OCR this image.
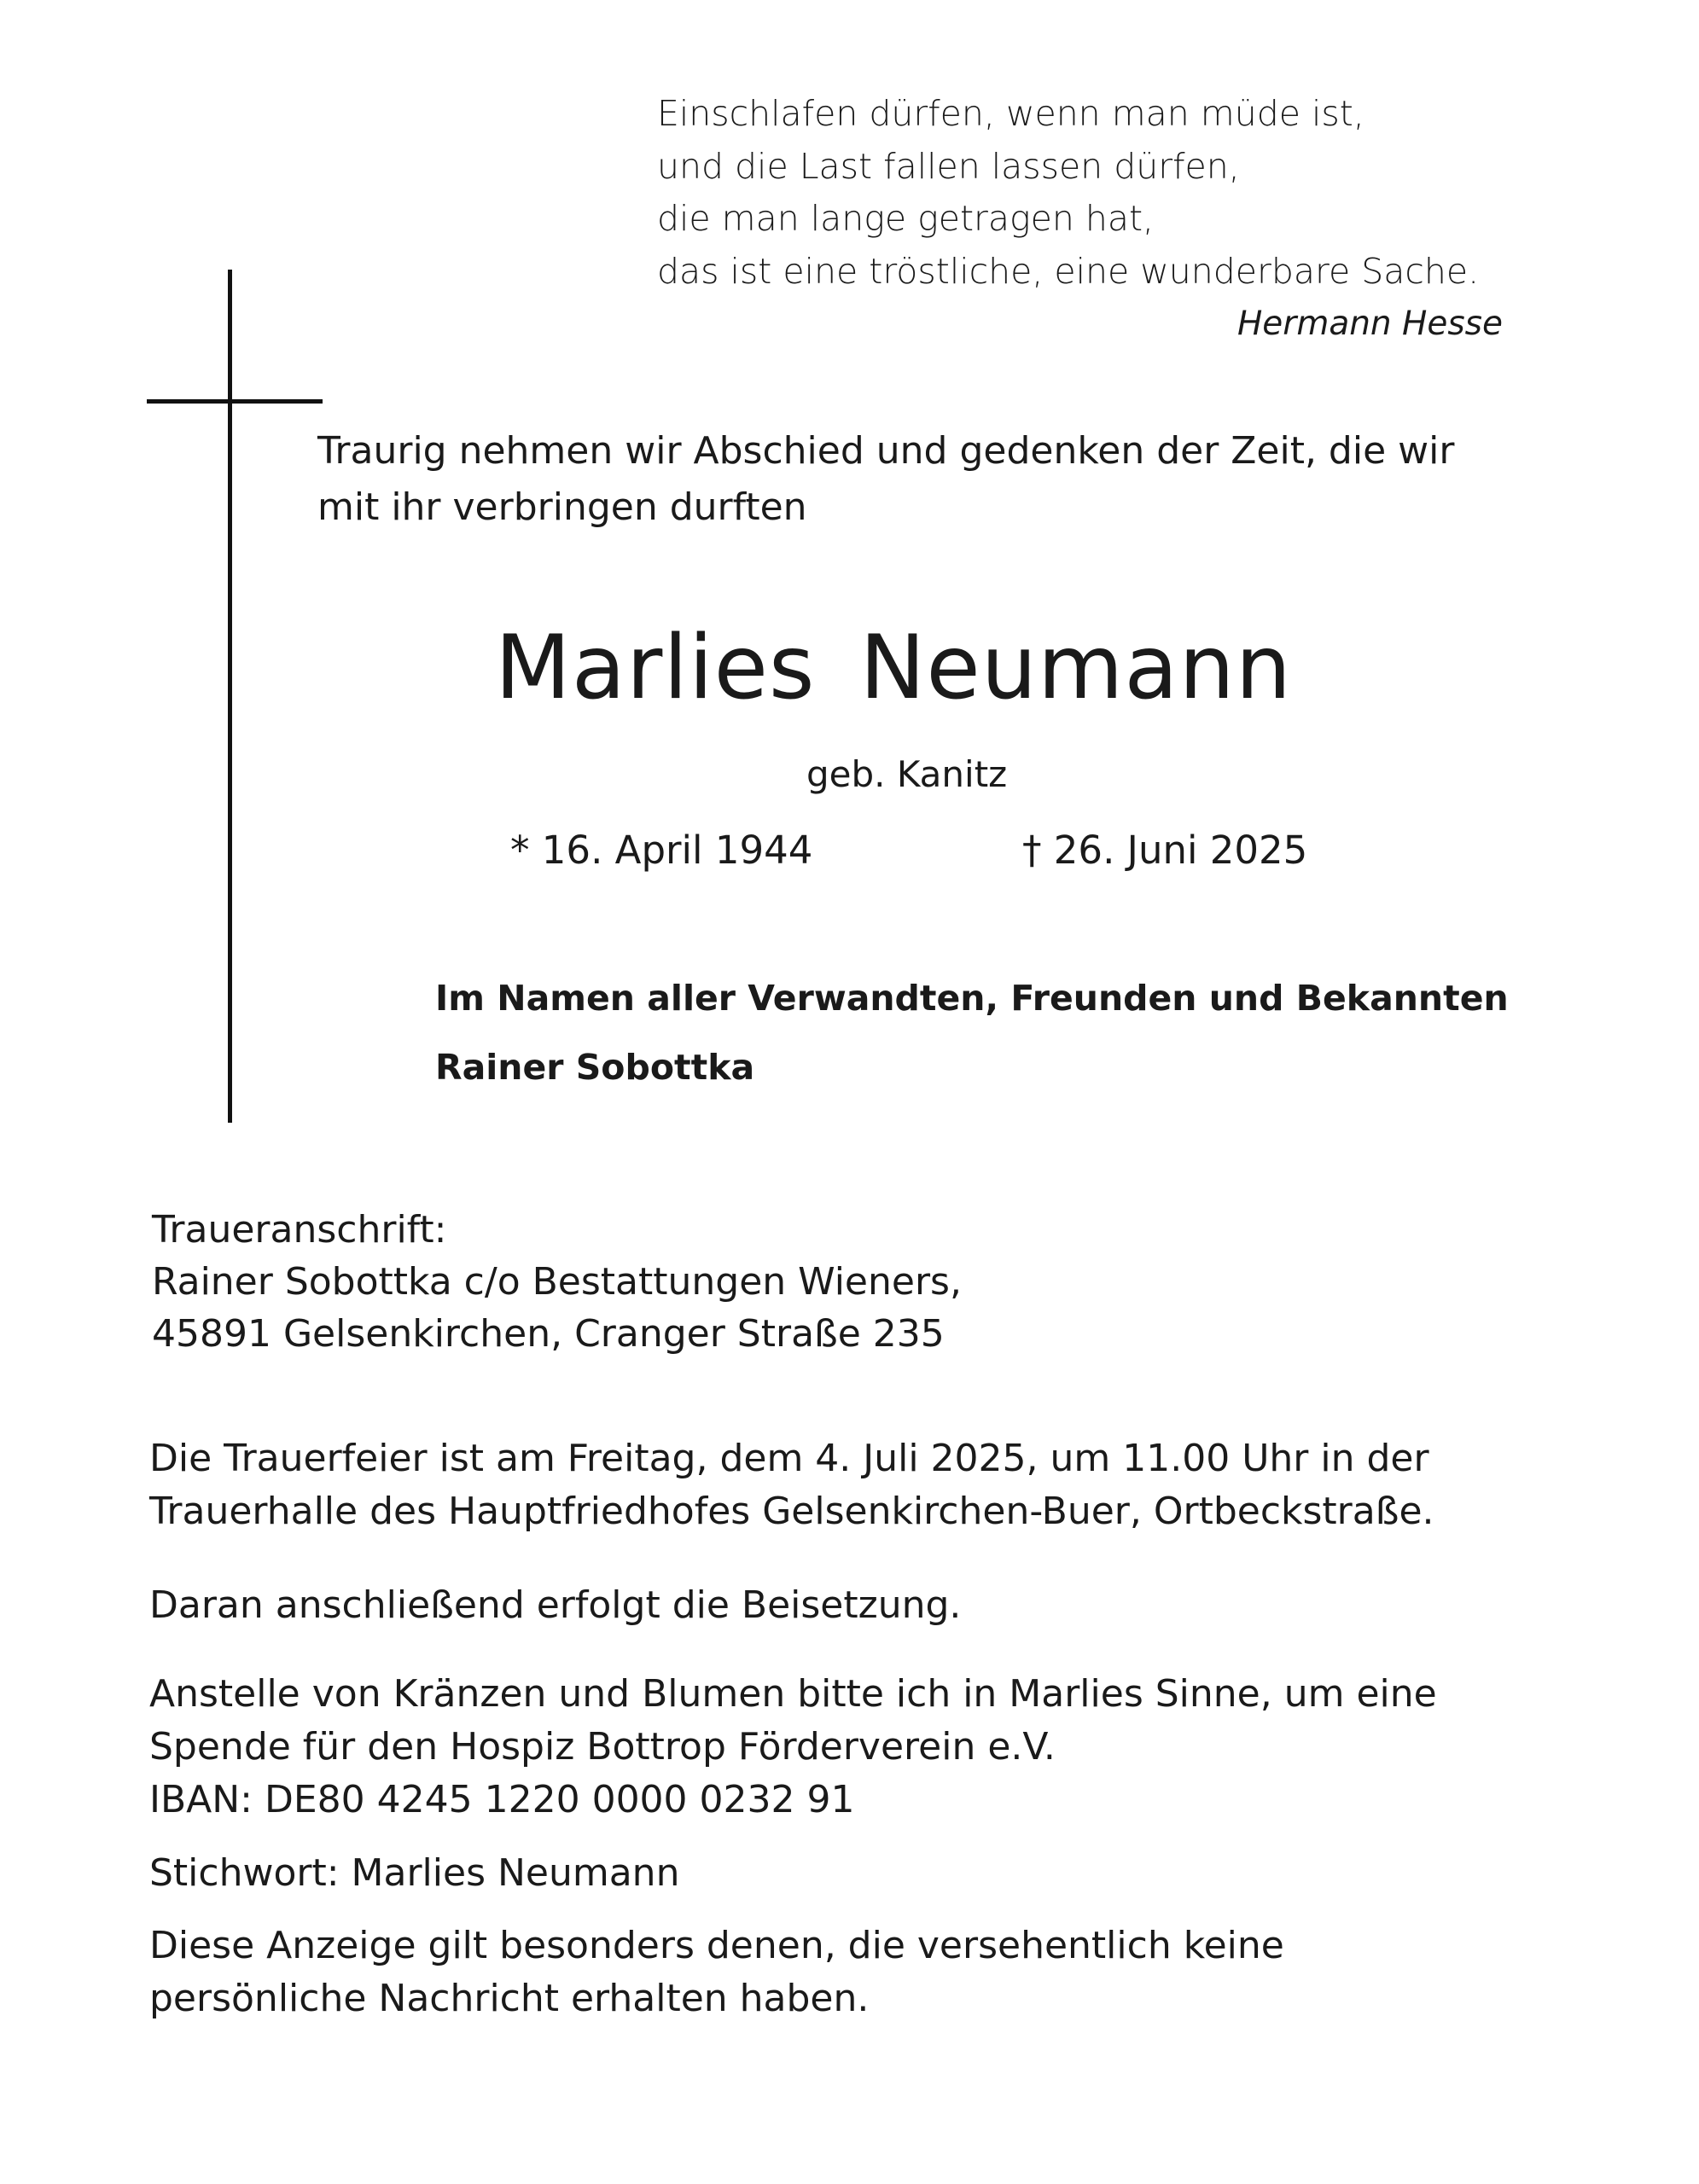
Einschlafen dürfen, wenn man müde ist,
und die Last fallen lassen dürfen,
die man lange getragen hat,
das ist eine tröstliche, eine wunderbare Sache.
Hermann Hesse
Traurig nehmen wir Abschied und gedenken der Zeit, die wir
mit ihr verbringen durften
Marlies Neumann
geb. Kanitz
* 16. April 1944	† 26. Juni 2025
Im Namen aller Verwandten, Freunden und Bekannten
Rainer Sobottka
Traueranschrift:
Rainer Sobottka c/o Bestattungen Wieners,
45891 Gelsenkirchen, Cranger Straße 235
Die Trauerfeier ist am Freitag, dem 4. Juli 2025, um 11.00 Uhr in der
Trauerhalle des Hauptfriedhofes Gelsenkirchen-Buer, Ortbeckstraße.
Daran anschließend erfolgt die Beisetzung.
Anstelle von Kränzen und Blumen bitte ich in Marlies Sinne, um eine
Spende für den Hospiz Bottrop Förderverein e.V.
IBAN: DE80 4245 1220 0000 0232 91
Stichwort: Marlies Neumann
Diese Anzeige gilt besonders denen, die versehentlich keine
persönliche Nachricht erhalten haben.
